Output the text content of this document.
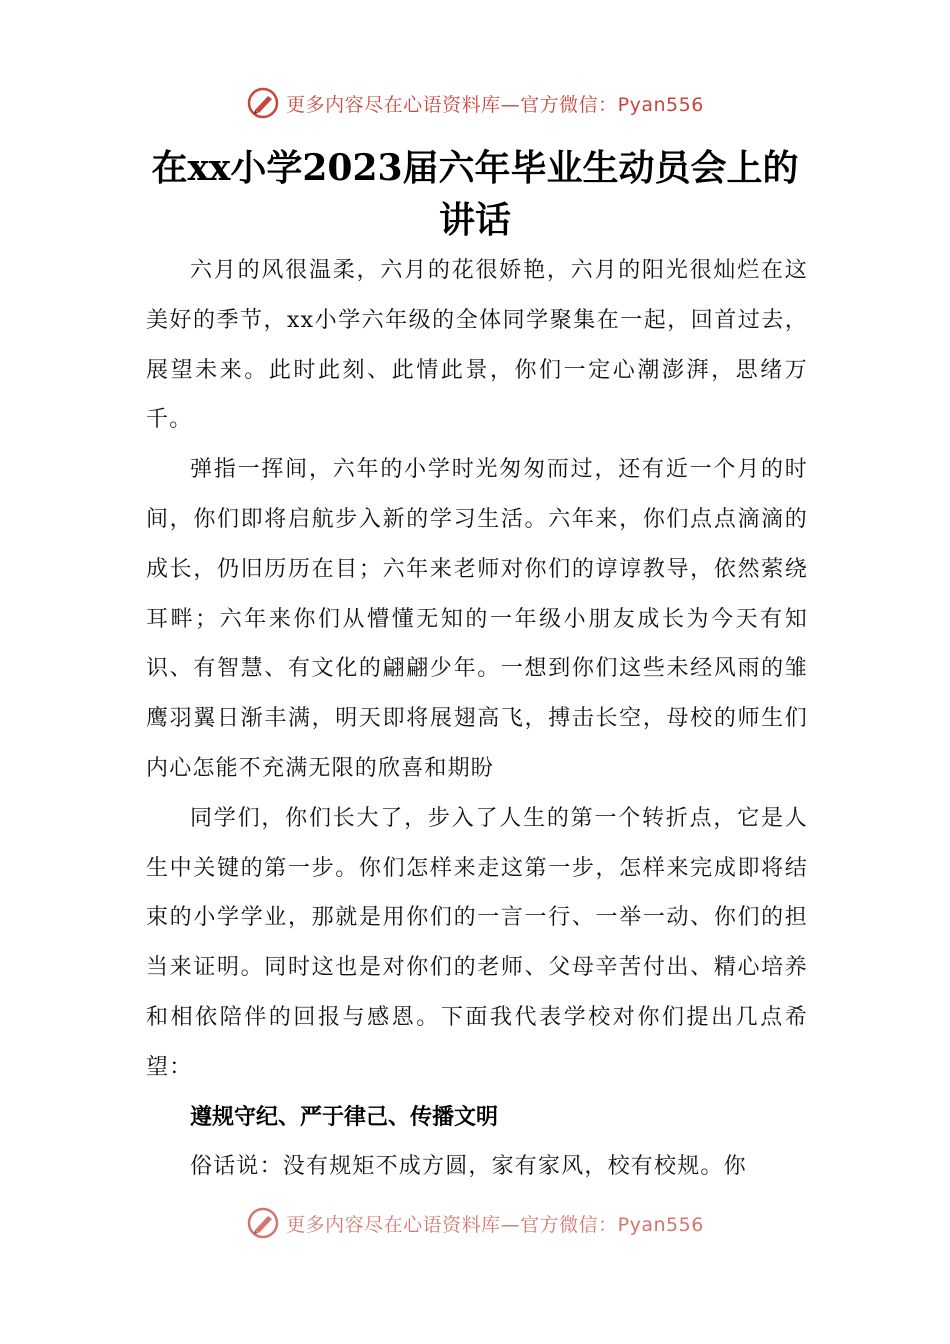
更多内容尽在心语资料库—官方微信：Pyan556
在xx小学2023届六年毕业生动员会上的讲话

六月的风很温柔，六月的花很娇艳，六月的阳光很灿烂在这美好的季节，xx小学六年级的全体同学聚集在一起，回首过去，展望未来。此时此刻、此情此景，你们一定心潮澎湃，思绪万千。

弹指一挥间，六年的小学时光匆匆而过，还有近一个月的时间，你们即将启航步入新的学习生活。六年来，你们点点滴滴的成长，仍旧历历在目；六年来老师对你们的谆谆教导，依然萦绕耳畔；六年来你们从懵懂无知的一年级小朋友成长为今天有知识、有智慧、有文化的翩翩少年。一想到你们这些未经风雨的雏鹰羽翼日渐丰满，明天即将展翅高飞，搏击长空，母校的师生们内心怎能不充满无限的欣喜和期盼

同学们，你们长大了，步入了人生的第一个转折点，它是人生中关键的第一步。你们怎样来走这第一步，怎样来完成即将结束的小学学业，那就是用你们的一言一行、一举一动、你们的担当来证明。同时这也是对你们的老师、父母辛苦付出、精心培养和相依陪伴的回报与感恩。下面我代表学校对你们提出几点希望：

遵规守纪、严于律己、传播文明

俗话说：没有规矩不成方圆，家有家风，校有校规。你

更多内容尽在心语资料库—官方微信：Pyan556
